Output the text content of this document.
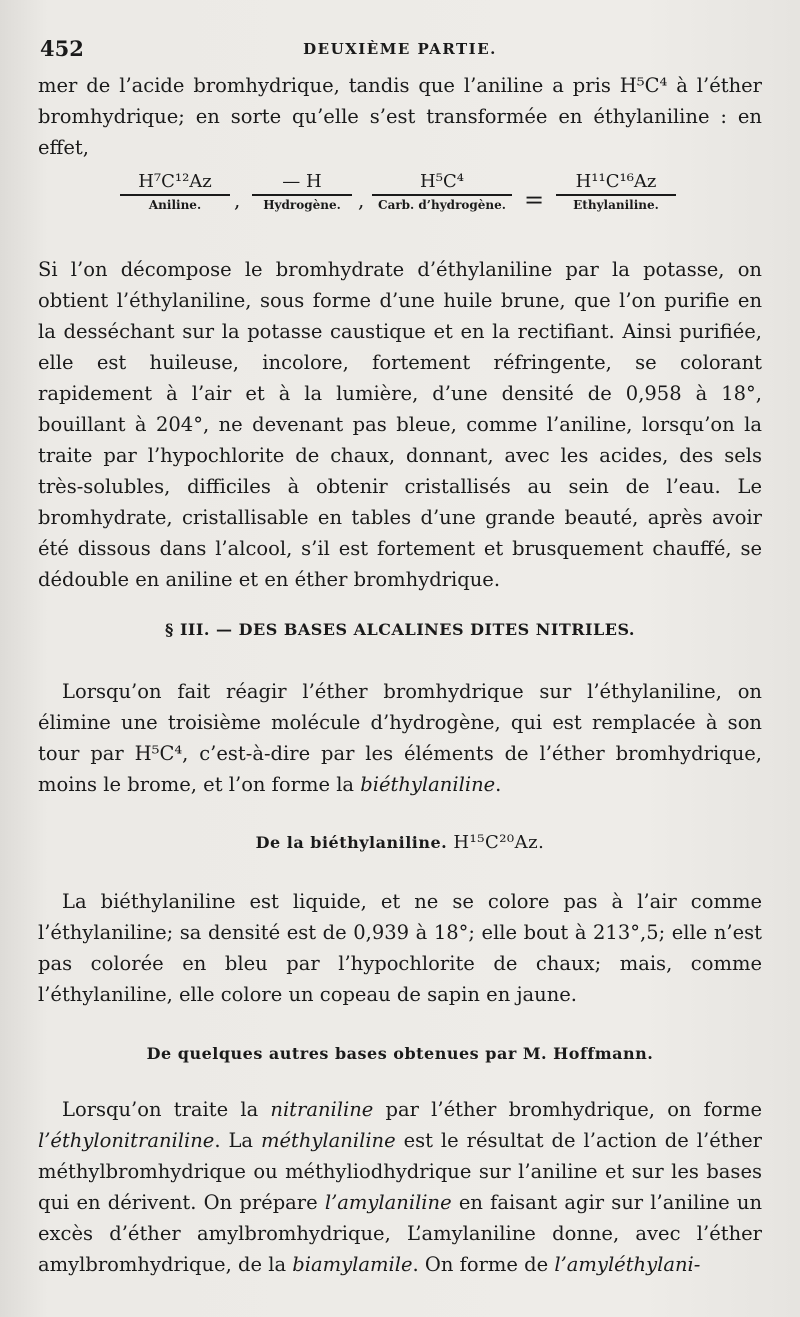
452	DEUXIÈME PARTIE.

mer de l’acide bromhydrique, tandis que l’aniline a pris H⁵C⁴ à l’éther bromhydrique; en sorte qu’elle s’est transformée en éthylaniline : en effet,

H⁷C¹²Az
Aniline.	,
— H
Hydrogène. ,
H⁵C⁴
Carb. d’hydrogène. =
H¹¹C¹⁶Az
Ethylaniline.

Si l’on décompose le bromhydrate d’éthylaniline par la potasse, on obtient l’éthylaniline, sous forme d’une huile brune, que l’on purifie en la desséchant sur la potasse caustique et en la rectifiant. Ainsi purifiée, elle est huileuse, incolore, fortement réfringente, se colorant rapidement à l’air et à la lumière, d’une densité de 0,958 à 18°, bouillant à 204°, ne devenant pas bleue, comme l’aniline, lorsqu’on la traite par l’hypochlorite de chaux, donnant, avec les acides, des sels très-solubles, difficiles à obtenir cristallisés au sein de l’eau. Le bromhydrate, cristallisable en tables d’une grande beauté, après avoir été dissous dans l’alcool, s’il est fortement et brusquement chauffé, se dédouble en aniline et en éther bromhydrique.

§ III. — DES BASES ALCALINES DITES NITRILES.

Lorsqu’on fait réagir l’éther bromhydrique sur l’éthylaniline, on élimine une troisième molécule d’hydrogène, qui est remplacée à son tour par H⁵C⁴, c’est-à-dire par les éléments de l’éther bromhydrique, moins le brome, et l’on forme la biéthylaniline.

De la biéthylaniline. H¹⁵C²⁰Az.

La biéthylaniline est liquide, et ne se colore pas à l’air comme l’éthylaniline; sa densité est de 0,939 à 18°; elle bout à 213°,5; elle n’est pas colorée en bleu par l’hypochlorite de chaux; mais, comme l’éthylaniline, elle colore un copeau de sapin en jaune.

De quelques autres bases obtenues par M. Hoffmann.

Lorsqu’on traite la nitraniline par l’éther bromhydrique, on forme l’éthylonitraniline. La méthylaniline est le résultat de l’action de l’éther méthylbromhydrique ou méthyliodhydrique sur l’aniline et sur les bases qui en dérivent. On prépare l’amylaniline en faisant agir sur l’aniline un excès d’éther amylbromhydrique, L’amylaniline donne, avec l’éther amylbromhydrique, de la biamylamile. On forme de l’amyléthylani-
